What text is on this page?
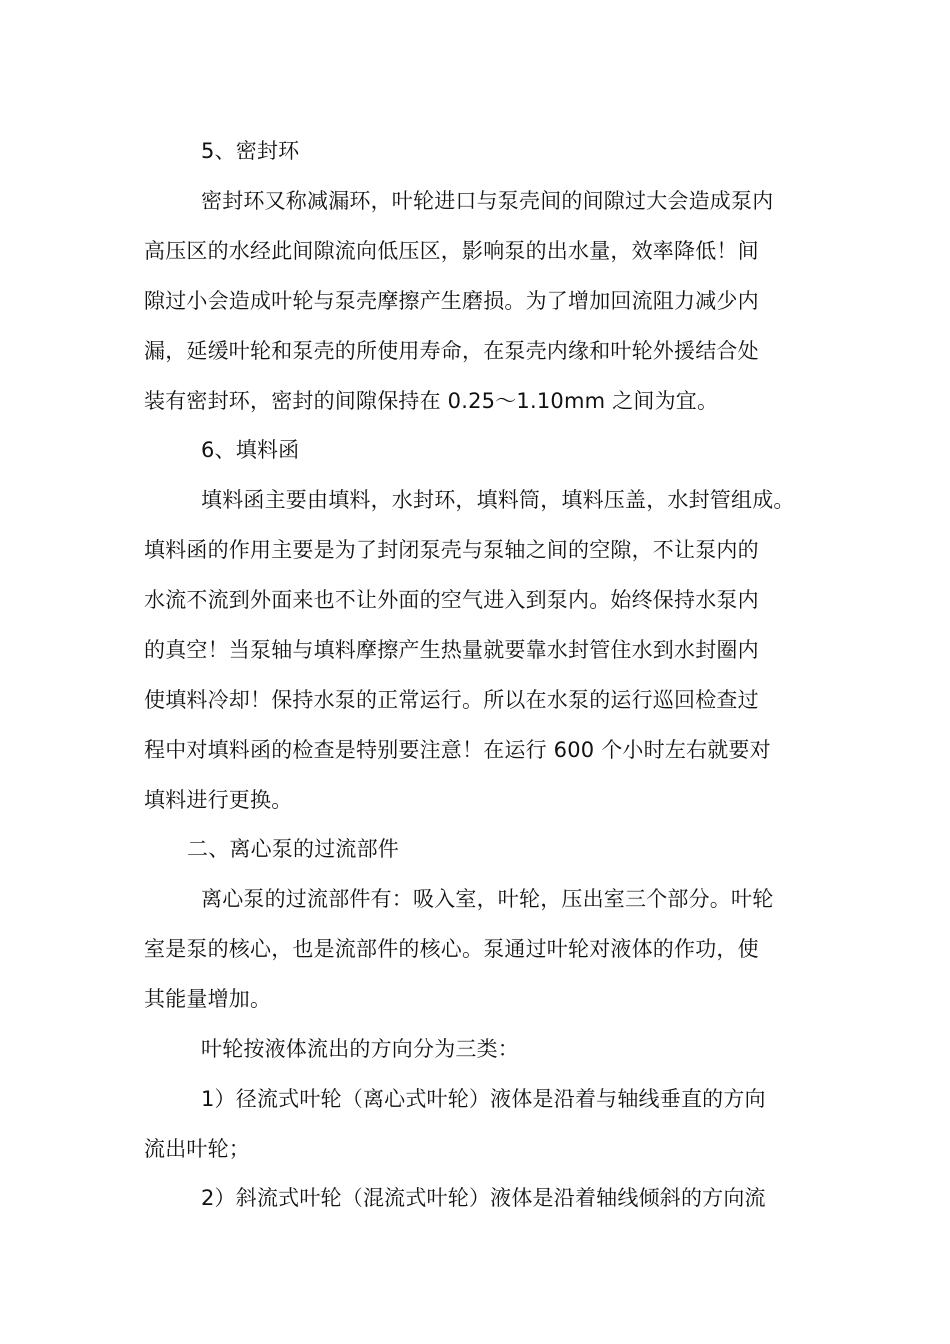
5、密封环
密封环又称减漏环，叶轮进口与泵壳间的间隙过大会造成泵内
高压区的水经此间隙流向低压区，影响泵的出水量，效率降低！间
隙过小会造成叶轮与泵壳摩擦产生磨损。为了增加回流阻力减少内
漏，延缓叶轮和泵壳的所使用寿命，在泵壳内缘和叶轮外援结合处
装有密封环，密封的间隙保持在 0.25～1.10mm 之间为宜。
6、填料函
填料函主要由填料，水封环，填料筒，填料压盖，水封管组成。
填料函的作用主要是为了封闭泵壳与泵轴之间的空隙，不让泵内的
水流不流到外面来也不让外面的空气进入到泵内。始终保持水泵内
的真空！当泵轴与填料摩擦产生热量就要靠水封管住水到水封圈内
使填料冷却！保持水泵的正常运行。所以在水泵的运行巡回检查过
程中对填料函的检查是特别要注意！在运行 600 个小时左右就要对
填料进行更换。
二、离心泵的过流部件
离心泵的过流部件有：吸入室，叶轮，压出室三个部分。叶轮
室是泵的核心，也是流部件的核心。泵通过叶轮对液体的作功，使
其能量增加。
叶轮按液体流出的方向分为三类：
1）径流式叶轮（离心式叶轮）液体是沿着与轴线垂直的方向
流出叶轮；
2）斜流式叶轮（混流式叶轮）液体是沿着轴线倾斜的方向流
